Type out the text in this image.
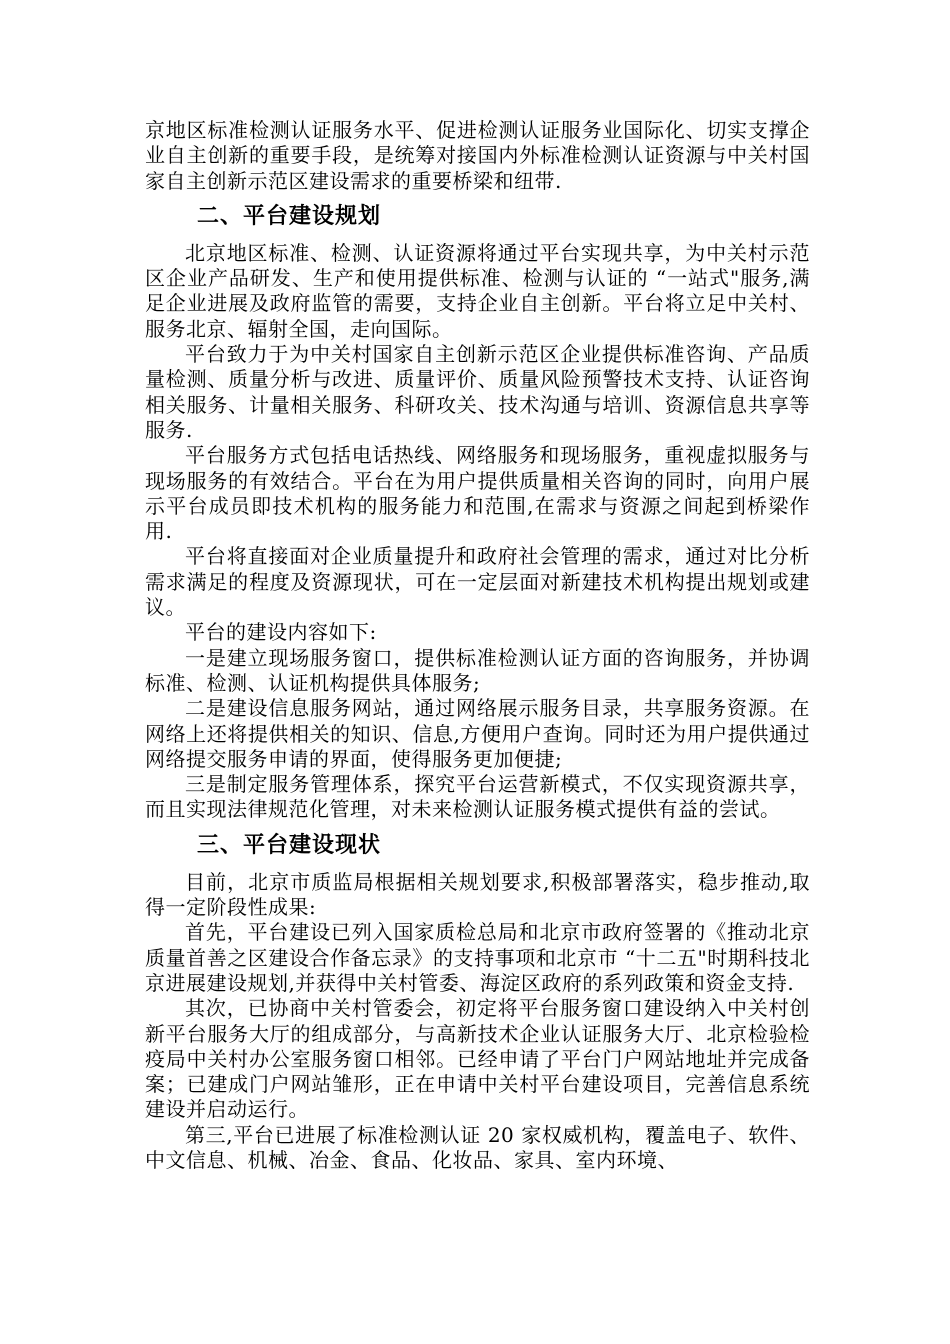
京地区标准检测认证服务水平、促进检测认证服务业国际化、切实支撑企业自主创新的重要手段，是统筹对接国内外标准检测认证资源与中关村国家自主创新示范区建设需求的重要桥梁和纽带.

二、平台建设规划

北京地区标准、检测、认证资源将通过平台实现共享，为中关村示范区企业产品研发、生产和使用提供标准、检测与认证的 “一站式"服务,满足企业进展及政府监管的需要，支持企业自主创新。平台将立足中关村、服务北京、辐射全国，走向国际。

平台致力于为中关村国家自主创新示范区企业提供标准咨询、产品质量检测、质量分析与改进、质量评价、质量风险预警技术支持、认证咨询相关服务、计量相关服务、科研攻关、技术沟通与培训、资源信息共享等服务.

平台服务方式包括电话热线、网络服务和现场服务，重视虚拟服务与现场服务的有效结合。平台在为用户提供质量相关咨询的同时，向用户展示平台成员即技术机构的服务能力和范围,在需求与资源之间起到桥梁作用.

平台将直接面对企业质量提升和政府社会管理的需求，通过对比分析需求满足的程度及资源现状，可在一定层面对新建技术机构提出规划或建议。

平台的建设内容如下:

一是建立现场服务窗口，提供标准检测认证方面的咨询服务，并协调标准、检测、认证机构提供具体服务;

二是建设信息服务网站，通过网络展示服务目录，共享服务资源。在网络上还将提供相关的知识、信息,方便用户查询。同时还为用户提供通过网络提交服务申请的界面，使得服务更加便捷;

三是制定服务管理体系，探究平台运营新模式，不仅实现资源共享，而且实现法律规范化管理，对未来检测认证服务模式提供有益的尝试。

三、平台建设现状

目前，北京市质监局根据相关规划要求,积极部署落实，稳步推动,取得一定阶段性成果:

首先，平台建设已列入国家质检总局和北京市政府签署的《推动北京质量首善之区建设合作备忘录》的支持事项和北京市 “十二五"时期科技北京进展建设规划,并获得中关村管委、海淀区政府的系列政策和资金支持.

其次，已协商中关村管委会，初定将平台服务窗口建设纳入中关村创新平台服务大厅的组成部分，与高新技术企业认证服务大厅、北京检验检疫局中关村办公室服务窗口相邻。已经申请了平台门户网站地址并完成备案；已建成门户网站雏形，正在申请中关村平台建设项目，完善信息系统建设并启动运行。

第三,平台已进展了标准检测认证 20 家权威机构，覆盖电子、软件、中文信息、机械、冶金、食品、化妆品、家具、室内环境、
